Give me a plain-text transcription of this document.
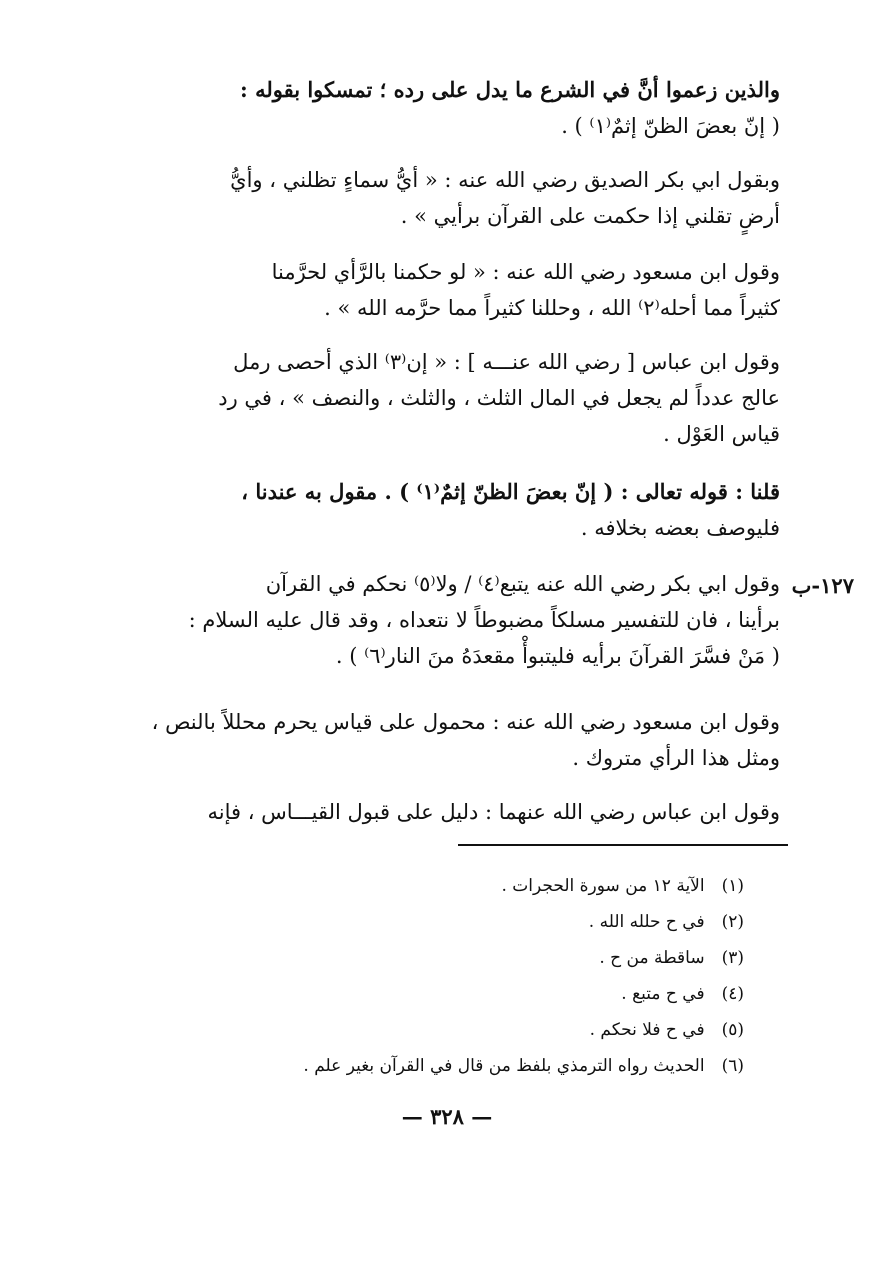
والذين زعموا أنَّ في الشرع ما يدل على رده ؛ تمسكوا بقوله :
( إنّ بعضَ الظنّ إثمٌ⁽١⁾ ) .
وبقول ابي بكر الصديق رضي الله عنه : « أيُّ سماءٍ تظلني ، وأيُّ
أرضٍ تقلني إذا حكمت على القرآن برأيي » .
وقول ابن مسعود رضي الله عنه : « لو حكمنا بالرَّأي لحرَّمنا
كثيراً مما أحله⁽٢⁾ الله ، وحللنا كثيراً مما حرَّمه الله » .
وقول ابن عباس [ رضي الله عنـــه ] : « إن⁽٣⁾ الذي أحصى رمل
عالج عدداً لم يجعل في المال الثلث ، والثلث ، والنصف » ، في رد
قياس العَوْل .
قلنا : قوله تعالى : ( إنّ بعضَ الظنّ إثمٌ⁽١⁾ ) . مقول به عندنا ،
فليوصف بعضه بخلافه .
١٢٧-ب
وقول ابي بكر رضي الله عنه يتبع⁽٤⁾ / ولا⁽٥⁾ نحكم في القرآن
برأينا ، فان للتفسير مسلكاً مضبوطاً لا نتعداه ، وقد قال عليه السلام :
( مَنْ فسَّرَ القرآنَ برأيه فليتبوأْ مقعدَهُ منَ النار⁽٦⁾ ) .
وقول ابن مسعود رضي الله عنه : محمول على قياس يحرم محللاً بالنص ،
ومثل هذا الرأي متروك .
وقول ابن عباس رضي الله عنهما : دليل على قبول القيـــاس ، فإنه
(١) الآية ١٢ من سورة الحجرات .
(٢) في ح حلله الله .
(٣) ساقطة من ح .
(٤) في ح متبع .
(٥) في ح فلا نحكم .
(٦) الحديث رواه الترمذي بلفظ من قال في القرآن بغير علم .
— ٣٢٨ —
